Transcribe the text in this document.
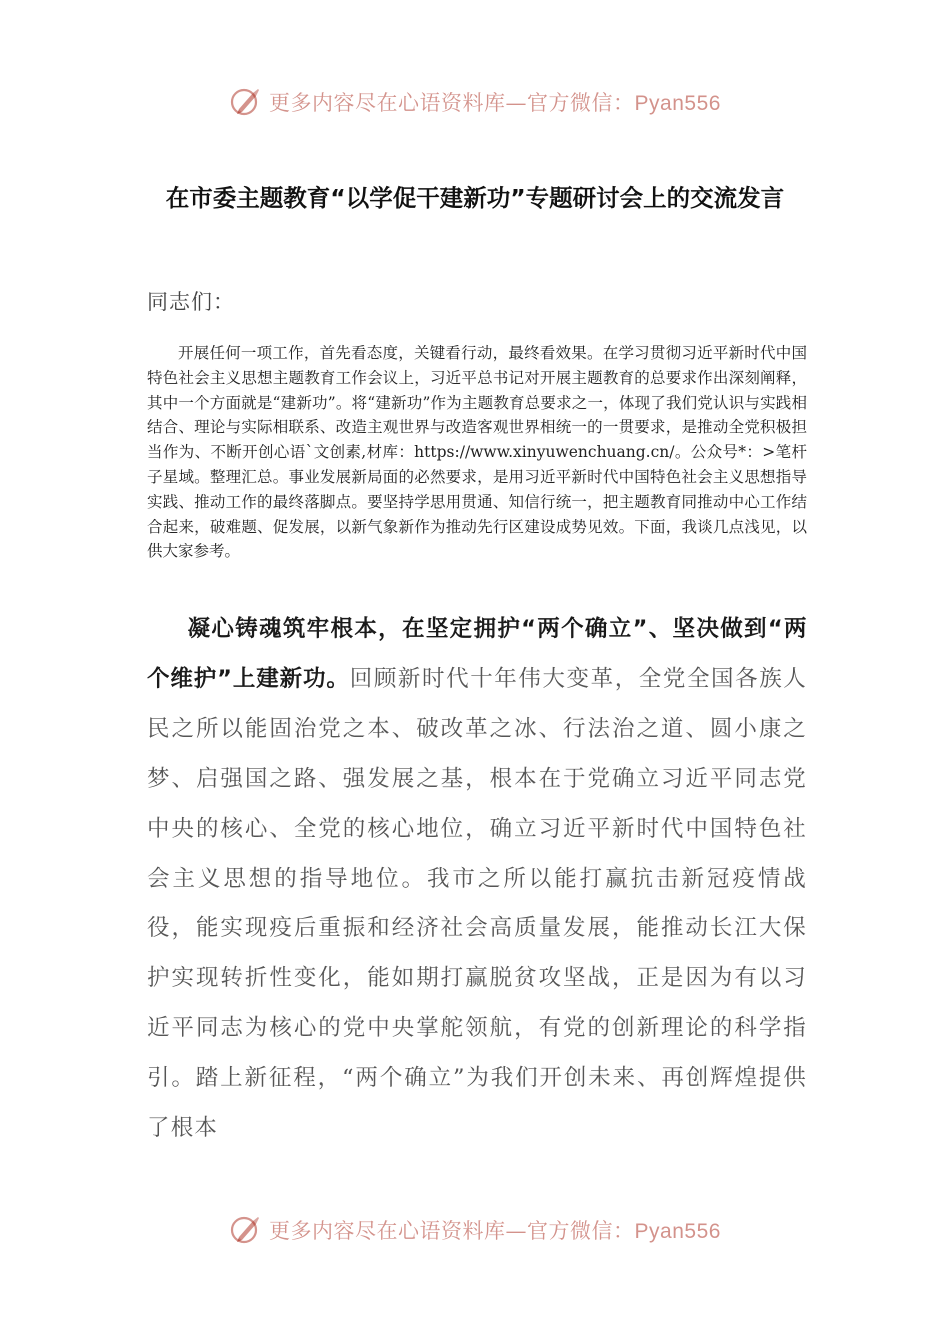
更多内容尽在心语资料库—官方微信：Pyan556
在市委主题教育“以学促干建新功”专题研讨会上的交流发言

同志们：

开展任何一项工作，首先看态度，关键看行动，最终看效果。在学习贯彻习近平新时代中国特色社会主义思想主题教育工作会议上，习近平总书记对开展主题教育的总要求作出深刻阐释，其中一个方面就是“建新功”。将“建新功”作为主题教育总要求之一，体现了我们党认识与实践相结合、理论与实际相联系、改造主观世界与改造客观世界相统一的一贯要求，是推动全党积极担当作为、不断开创心语`文创素,材库：https://www.xinyuwenchuang.cn/。公众号*：>笔杆子星域。整理汇总。事业发展新局面的必然要求，是用习近平新时代中国特色社会主义思想指导实践、推动工作的最终落脚点。要坚持学思用贯通、知信行统一，把主题教育同推动中心工作结合起来，破难题、促发展，以新气象新作为推动先行区建设成势见效。下面，我谈几点浅见，以供大家参考。

凝心铸魂筑牢根本，在坚定拥护“两个确立”、坚决做到“两个维护”上建新功。回顾新时代十年伟大变革，全党全国各族人民之所以能固治党之本、破改革之冰、行法治之道、圆小康之梦、启强国之路、强发展之基，根本在于党确立习近平同志党中央的核心、全党的核心地位，确立习近平新时代中国特色社会主义思想的指导地位。我市之所以能打赢抗击新冠疫情战役，能实现疫后重振和经济社会高质量发展，能推动长江大保护实现转折性变化，能如期打赢脱贫攻坚战，正是因为有以习近平同志为核心的党中央掌舵领航，有党的创新理论的科学指引。踏上新征程，“两个确立”为我们开创未来、再创辉煌提供了根本

更多内容尽在心语资料库—官方微信：Pyan556
